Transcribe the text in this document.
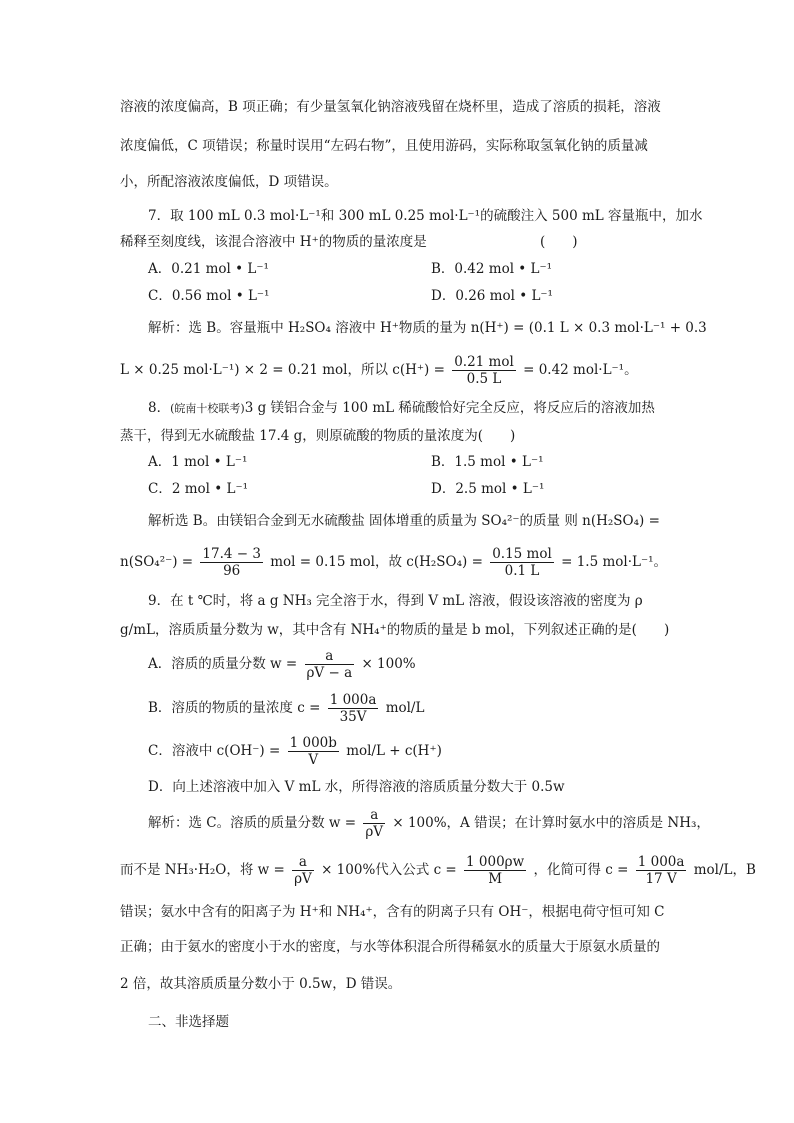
溶液的浓度偏高，B 项正确；有少量氢氧化钠溶液残留在烧杯里，造成了溶质的损耗，溶液
浓度偏低，C 项错误；称量时误用“左码右物”，且使用游码，实际称取氢氧化钠的质量减
小，所配溶液浓度偏低，D 项错误。
7．取 100 mL 0.3 mol·L⁻¹和 300 mL 0.25 mol·L⁻¹的硫酸注入 500 mL 容量瓶中，加水
稀释至刻度线，该混合溶液中 H⁺的物质的量浓度是	(　　)
A．0.21 mol • L⁻¹	B．0.42 mol • L⁻¹
C．0.56 mol • L⁻¹	D．0.26 mol • L⁻¹
解析：选 B。容量瓶中 H₂SO₄ 溶液中 H⁺物质的量为 n(H⁺) = (0.1 L × 0.3 mol·L⁻¹ + 0.3
L × 0.25 mol·L⁻¹) × 2 = 0.21 mol，所以 $c(H^+) = \frac{\text{0.21 mol}}{0.5 L} = 0.42$ mol·L⁻¹。
8．(皖南十校联考)3 g 镁铝合金与 100 mL 稀硫酸恰好完全反应，将反应后的溶液加热
蒸干，得到无水硫酸盐 17.4 g，则原硫酸的物质的量浓度为(　　)
A．1 mol • L⁻¹	B．1.5 mol • L⁻¹
C．2 mol • L⁻¹	D．2.5 mol • L⁻¹
解析选 B。由镁铝合金到无水硫酸盐 固体增重的质量为 SO₄²⁻的质量 则 n(H₂SO₄) =
$n(SO_4^{2-}) = \frac{17.4 - 3}{96}$ mol = 0.15 mol，故 $c(H_2SO_4) = \frac{\text{0.15 mol}}{0.1 L} = 1.5$ mol·L⁻¹。
9．在 t ℃时，将 a g NH₃ 完全溶于水，得到 V mL 溶液，假设该溶液的密度为 ρ
g/mL，溶质质量分数为 w，其中含有 NH₄⁺的物质的量是 b mol，下列叙述正确的是(　　)
A．溶质的质量分数 $w = \frac{a}{\rho V - a} \times 100\%$
B．溶质的物质的量浓度 $c = \frac{1 000a}{35V} mol/L$
C．溶液中 $c(OH^-) = \frac{1 000b}{V} mol/L + c(H^+)$
D．向上述溶液中加入 V mL 水，所得溶液的溶质质量分数大于 0.5w
解析：选 C。溶质的质量分数 $w = \frac{a}{\rho V} \times 100\%$，A 错误；在计算时氨水中的溶质是 NH₃，
而不是 NH₃·H₂O，将 $w = \frac{a}{\rho V} \times 100\%$代入公式 $c = \frac{1 000\rho w}{M}$ ，化简可得 $c = \frac{1 000a}{17 V} mol/L$，B
错误；氨水中含有的阳离子为 H⁺和 NH₄⁺，含有的阴离子只有 OH⁻，根据电荷守恒可知 C
正确；由于氨水的密度小于水的密度，与水等体积混合所得稀氨水的质量大于原氨水质量的
2 倍，故其溶质质量分数小于 0.5w，D 错误。
二、非选择题
